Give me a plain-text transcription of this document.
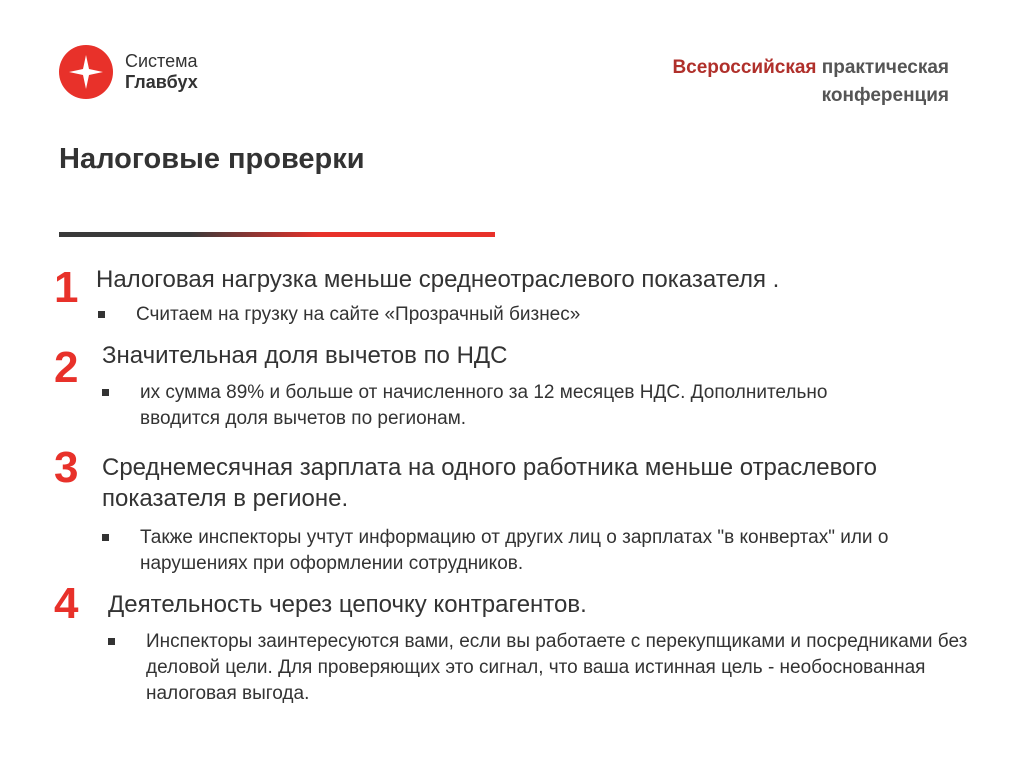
Система
Главбух
Всероссийская практическая
конференция
Налоговые проверки
1 Налоговая нагрузка меньше среднеотраслевого показателя .
Считаем на грузку на сайте «Прозрачный бизнес»
2 Значительная доля вычетов по НДС
их сумма 89% и больше от начисленного за 12 месяцев НДС. Дополнительно вводится доля вычетов по регионам.
3 Среднемесячная зарплата на одного работника меньше отраслевого показателя в регионе.
Также инспекторы учтут информацию от других лиц о зарплатах "в конвертах" или о нарушениях при оформлении сотрудников.
4 Деятельность через цепочку контрагентов.
Инспекторы заинтересуются вами, если вы работаете с перекупщиками и посредниками без деловой цели. Для проверяющих это сигнал, что ваша истинная цель - необоснованная налоговая выгода.
